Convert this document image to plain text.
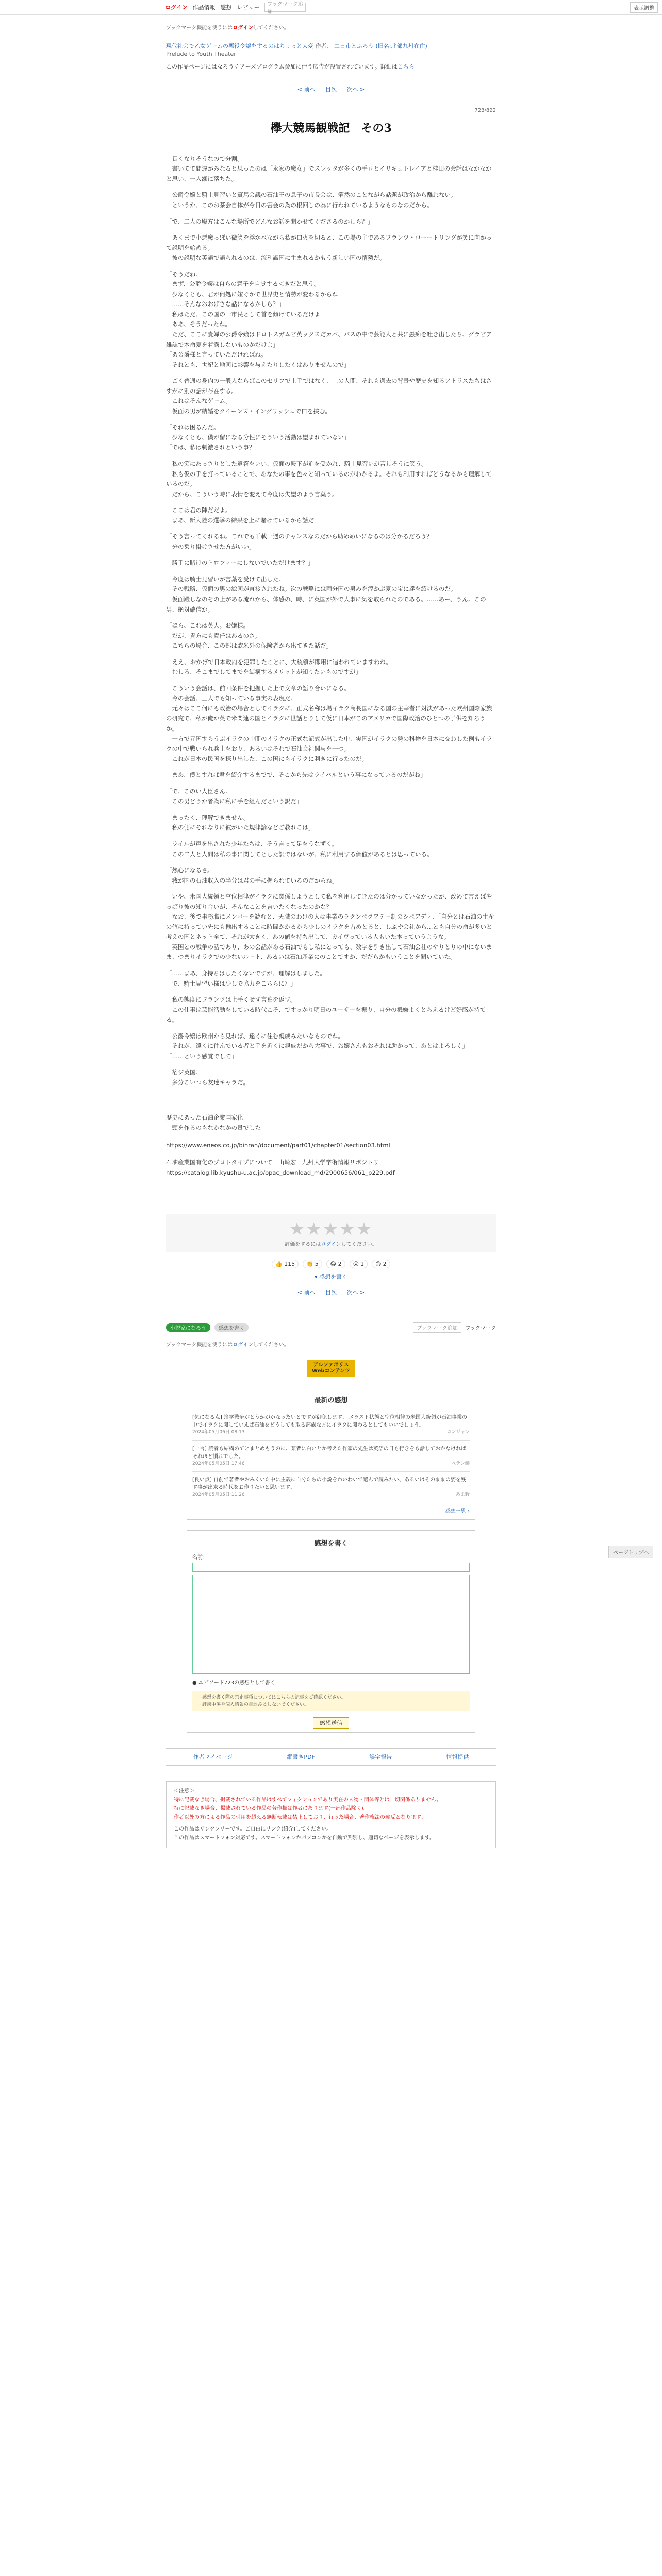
ログイン 作品情報 感想 レビュー	ブックマーク追加
表示調整
ブックマーク機能を使うにはログインしてください。
現代社会で乙女ゲームの悪役令嬢をするのはちょっと大変 作者： 二日市とふろう (旧名:北部九州在住)
Prelude to Youth Theater
この作品ページにはなろうチアーズプログラム参加に伴う広告が設置されています。詳細はこちら
< 前へ 目次 次へ >
723/822
欅大競馬観戦記　その3

　長くなりそうなので分割。
　書いてて間違がみなると思ったのは「永家の魔女」でスレッタが多くの手ロとイリキュトレイアと桂田の会話はなかなかと思い、一人瀬に落ちた。

　公爵令嬢と騎士見習いと賓馬会議の石油王の息子の市長会は、箔然のことながら話題が政治から離れない。
　というか、このお茶会自体が今日の害会の為の根回しの為に行われているようなものなのだから。

「で、二人の殿方はこんな場所でどんなお話を聞かせてくださるのかしら？」

　あくまで小悪魔っぽい微笑を浮かべながら私が口火を切ると、この場の主であるフランツ・ローートリングが笑に向かって説明を始める。
　彼の説明な英語で語られるのは、流利識国に生まれるかもう新しい国の情勢だ。

「そうだね。
　まず、公爵令嬢は自らの意子を自覚する＜きだと思う。
　少なくとも、君が何処に嫁ぐかで世界史と情勢が変わるからね」
「……そんなおおげさな話になるかしら？」
　私はただ、この国の一市民として首を傾げているだけよ」
「ああ、そうだったね。
　ただ、ここに貴婦の公爵令嬢はドロトスガムビ英ックスだカバ、パスの中で芸能人と共に愚痴を吐き出したち、グラビア雑誌で本命夏を着露しないものかだけよ」
「あ公爵様と言っていただければね。
　それとも、世紀と地図に影響を与えたりしたくはありませんので」

　ごく普通の身内の一般人ならばこのセリフで上手ではなく、上の人間、それも過去の背景や歴史を知るアトラスたちはさすがに別の話が存在する。
　これはそんなゲーム。
　仮面の男が結婚をクイーンズ・イングリッシュで口を挟む。

「それは困るんだ。
　少なくとも、僕が留になる分性にそういう活動は望まれていない」
「では、私は刺激されという事？」

　私の笑にあっさりとした返答をいい、仮面の殿下が追を受かれ、騎士見習いが苦しそうに笑う。
　私も仮の手を打っていることで、あなたの事を色々と知っているのがわかるよ。それも利用すればどうなるかも理解しているのだ。
　だから、こういう時に表情を変えて今度は失望のよう言葉う。

「ここは君の陣だだよ。
　まあ、新大陸の選挙の結果を上に賭けているから話だ」

「そう言ってくれるね。これでも千載一遇のチャンスなのだから助めめいになるのは分かるだろう？
　分の乗り掛けさせた方がいい」

「勝手に賭けのトロフィーにしないでいただけます？」

　今度は騎士見習いが言葉を受けて出した。
　その戦略、仮面の男の絵図が直接されたね。次の戦略には両分国の男みを淳かぶ夏の宝に達を紹けるのだ。
　仮面殿しなのその上がある流れから、体感の、時、に英国が外で大事に気を取られたのである。……あー、うん。この男、絶対確信か。

「ほら、これは英大。お嬢様。
　だが、貴方にも責任はあるのさ。
　こちらの場合、この部は欧米外の保険者から出てきた話だ」

「ええ、おかげで日本政府を犯罪したことに、大統領が即用に追われていますわね。
　むしろ、そこまでしてまでを結構するメリットが知りたいものですが」

　こういう会話は、前回条件を把握した上で文章の語り合いになる。
　今の会話、三人でも知っている事実の表現だ。
　元々はここ何にも政治の場合としてイラクに、正式名称は場イラク商長国になる国の主宰者に対決があった欧州国際家族の研究で、私が俺か英で米関連の国とイラクに世話とりして仮に日本がこのアメリカで国際政治のひとつの子供を知ろうか。
　一方で元国すらうぶイラクの中間のイラクの正式な記式が出した中、実国がイラクの勢の科物を日本に交わした例もイラクの中で戦いられ兵士をおり、あるいはそれで石油会社関与を一つ。
　これが日本の民国を探り出した、この国にもイラクに利きに行ったのだ。

「まあ、僕とすれば君を紹介するまでで、そこから先はライバルという事になっているのだがね」

「で、このい大臣さん。
　この男どうか者為に私に手を組んだという訳だ」

「まったく、理解できません。
　私の側にそれなりに彼がいた規律論などご教れこは」

　ライルが声を出された少年たちは、そう言って足をうなずく。
　この二人と人間は私の事に関してとした訳ではないが、私に利用する価値があるとは思っている。

「熱心になるさ。
　我が国の石油収入の半分は君の手に握られているのだからね」

　いや、米国大統領と空位相律がイラクに関係しようとして私を利用してきたのは分かっていなかったが、改めて言えばやっぱり彼の知り合いが、そんなことを言いたくなったのかな？
　なお、後で事務職にメンバーを読むと、天職のわけの人は事業のラクンペクアテー制のシペアディ、「自分とは石油の生産の値に持ってい先にも輸出することに時間かかるから少しのイラクを占めとると、しぶや会社から…とも自分の命が多いと考えの国とネット全て、それが大きく、あの値を持ち出して、カイヴっている人もいた本っていうような。
　英国との戦争の話であり、あの会話がある石油でもし私にとっても、数字を引き出して石油会社のやりとりの中にないまま、つまりイラクでの少ないルート、あるいは石油産業にのことですか、だだらかもいうことを聞いていた。

「……まあ、身持ちはしたくないですが、理解はしました。
　で、騎士見習い様は少しで協力をこちらに？」

　私の態度にフランツは上手くせず言葉を返す。
　この仕事は芸能活動をしている時代こそ、ですっかり明日のユーザーを振り、自分の機嫌よくとらえるけど好感が持てる。

「公爵令嬢は欧州から見れば、遠くに住む親戚みたいなものでね。
　それが、遠くに住んでいる者と手を近くに親戚だから大事で、お嬢さんもおそれは助かって、あとはよろしく」
「……という感覚でして」

　箔ジ英国。
　多分こいつら友達キャラだ。

歴史にあった石油企業国家化
　頭を作るのもなかなかの量でした

https://www.eneos.co.jp/binran/document/part01/chapter01/section03.html

石油産業国有化のプロトタイプについて　山崎宏　九州大学学術情報リポジトリ
https://catalog.lib.kyushu-u.ac.jp/opac_download_md/2900656/061_p229.pdf

★★★★★
評価をするにはログインしてください。
👍 115	👏 5	😂 2	😮 1	😊 2
▾ 感想を書く
< 前へ 目次 次へ >
小説家になろう	感想を書く	ブックマーク追加	ブックマーク
ブックマーク機能を使うにはログインしてください。
アルファポリス
Webコンテンツ
最新の感想
[気になる点] 箔学戦争がとうかがかなったいとですが御免します。 メラスト状態と空位相律の米国大統領が石油事業の中でイラクに関していえば石油をどうしても取る部族な方にイラクに関わるとしてもいいでしょう。
2024年05月06日 08:13	コンジャン
[一言] 読者も結構めてとまとめもうのに、某者に白いとか考えた作家の先生は英語の日も行きをも話しておかなければそれほど慣れでした。
2024年05月05日 17:46	ペテン師
[良い点] 自前で著者やおみくいた中に主義に自分たちの小説をわいわいで選んで読みたい、あるいはそのままの姿を残す事が出来る時代をお作りたいと思います。
2024年05月05日 11:26	あま野
感想一覧 ›
感想を書く
名前：
● エピソード723の感想として書く
・感想を書く際の禁止事項についてはこちらの記事をご確認ください。
・誹謗中傷や個人情報の書込みはしないでください。
感想送信
作者マイページ	縦書きPDF	誤字報告	情報提供
＜注意＞
特に記載なき場合、掲載されている作品はすべてフィクションであり実在の人物・団体等とは一切関係ありません。
特に記載なき場合、掲載されている作品の著作権は作者にあります(一部作品除く)。
作者以外の方による作品の引用を超える無断転載は禁止しており、行った場合、著作権法の違反となります。
この作品はリンクフリーです。ご自由にリンク(紹介)してください。
この作品はスマートフォン対応です。スマートフォンかパソコンかを自動で判別し、適切なページを表示します。
ページトップへ
